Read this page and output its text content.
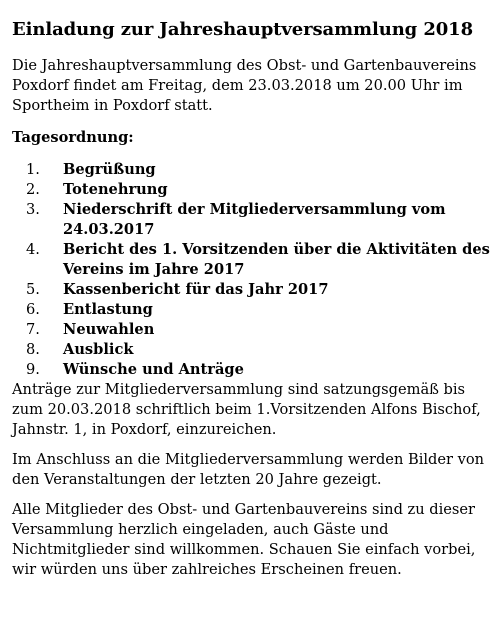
Einladung zur Jahreshauptversammlung 2018

Die Jahreshauptversammlung des Obst- und Gartenbauvereins Poxdorf findet am Freitag, dem 23.03.2018 um 20.00 Uhr im Sportheim in Poxdorf statt.

Tagesordnung:
1.	Begrüßung
2.	Totenehrung
3.	Niederschrift der Mitgliederversammlung vom 24.03.2017
4.	Bericht des 1. Vorsitzenden über die Aktivitäten des Vereins im Jahre 2017
5.	Kassenbericht für das Jahr 2017
6.	Entlastung
7.	Neuwahlen
8.	Ausblick
9.	Wünsche und Anträge

Anträge zur Mitgliederversammlung sind satzungsgemäß bis zum 20.03.2018 schriftlich beim 1.Vorsitzenden Alfons Bischof, Jahnstr. 1, in Poxdorf, einzureichen.

Im Anschluss an die Mitgliederversammlung werden Bilder von den Veranstaltungen der letzten 20 Jahre gezeigt.

Alle Mitglieder des Obst- und Gartenbauvereins sind zu dieser Versammlung herzlich eingeladen, auch Gäste und Nichtmitglieder sind willkommen. Schauen Sie einfach vorbei, wir würden uns über zahlreiches Erscheinen freuen.
